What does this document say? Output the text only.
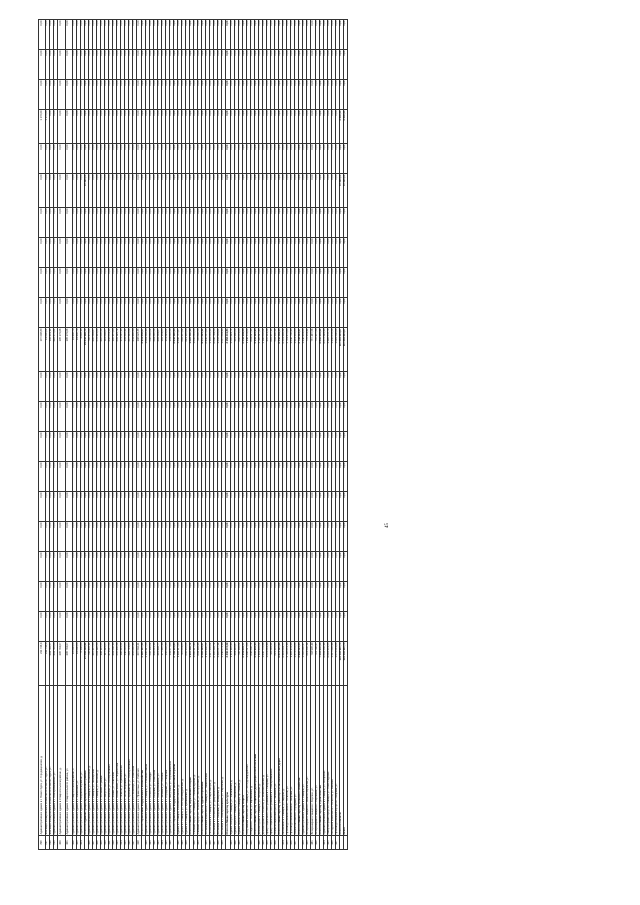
396	Административное здание в г. Новая Чурга, ул. Городищенская, д.	211 743,4	0,00	0,00	0,00	0,00	0,00	0,00	0,00	0,00	0,00	197 098,63	0,00	0,00	0,00	0,00	0,00	0,00	1 170,00	0,00	0,00	0,00
397	Жилищно-коммунальное хозяйство в Иловлях, Чурга, ул.	211 743,4	0,00	0,00	0,00	0,00	0,00	0,00	0,00	0,00	0,00	14 645,01	0,00	0,00	0,00	0,00	0,00	0,00	1 170,00	0,00	0,00	0,00
398	Жилищно-коммунальное хозяйство в Иловлях, Чурга, ул.	204 782,57	0,00	0,00	0,00	0,00	0,00	0,00	0,00	0,00	0,00	190 861,11	0,00	0,00	0,00	0,00	0,00	0,00	0,00	0,00	0,00	0,00
399	Административное здание в г. Новокуйбышевске, ул.	234 783,04	0,00	0,00	0,00	0,00	0,00	0,00	0,00	0,00	0,00	223 975,81	0,00	0,00	0,00	0,00	0,00	0,00	0,00	0,00	0,00	0,00
400	Административное здание в Ставропольском районе, д.	205 734,07	0,00	0,00	0,00	0,00	0,00	0,00	0,00	0,00	0,00	195 179,06	0,00	0,00	0,00	0,00	0,00	0,00	0,00	0,00	0,00	0,00
401	Административное здание Ставропольского района, ул.	205 734,07	0,00	0,00	0,00	0,00	0,00	0,00	0,00	0,00	0,00	195 179,06	0,00	0,00	0,00	0,00	0,00	0,00	0,00	0,00	0,00	0,00
402	Административное здание в Ставропольском районе, с.	13 098,00	0,00	0,00	0,00	0,00	0,00	0,00	0,00	0,00	0,00	12 433,70	0,00	0,00	0,00	0,00	0,00	0,00	0,00	0,00	0,00	0,00
403	Административное здание в с. Кабановка, ул.	12 098,00	0,00	0,00	0,00	0,00	0,00	0,00	0,00	0,00	0,00	12 433,70	0,00	0,00	0,00	0,00	0,00	0,00	0,00	0,00	0,00	0,00
404	Административное здание в Сызранском районе, ул.	5 108,80	0,00	0,00	0,00	0,00	0,00	0,00	0,00	0,00	0,00	4 893,10	0,00	0,00	0,00	0,00	0,00	0,00	0,00	0,00	0,00	0,00
	Итого по Администрации муниципального района	27 083 492,61	0,00	0,00	0,00	0,00	0,00	0,00	0,00	0,00	0,00	25 842 196,70	0,00	0,00	3,00	0,00	37 420,00	0,00	0,00	0,00	0,00	0,00
406	Административное здание в г. Самара, ул. Больничная, д.	796 865,11	0,00	0,00	0,00	0,00	0,00	0,00	0,00	0,00	0,00	760 473,09	0,00	0,00	0,00	0,00	0,00	0,00	0,00	0,00	0,00	0,00
407	Административное здание в г. Самара, ул. Пионерская	215 437,55	0,00	0,00	0,00	0,00	0,00	0,00	0,00	0,00	0,00	205 562,87	0,00	0,00	0,00	0,00	0,00	0,00	0,00	0,00	0,00	0,00
408	Административное здание в г. Самара, ул. Зеленая, д.	604 128,53	0,00	0,00	0,00	0,00	0,00	0,00	0,00	0,00	0,00	576 419,63	0,00	0,00	0,00	0,00	0,00	0,00	0,00	0,00	0,00	0,00
409	Административное здание в с. Большая Глушица	438 115,55	0,00	0,00	0,00	0,00	0,00	0,00	0,00	0,00	0,00	418 035,39	0,00	0,00	0,00	0,00	0,00	0,00	0,00	0,00	0,00	0,00
410	Административное здание в с. Хворостянка, ул.	117 429,05	0,00	0,00	0,00	0,00	0,00	0,00	0,00	0,00	0,00	112 042,07	0,00	0,00	0,00	0,00	0,00	0,00	0,00	0,00	0,00	0,00
411	Административное здание в с. Шигоны, ул. Кооперативная	271 087,59	0,00	0,00	0,00	0,00	0,00	0,00	0,00	0,00	0,00	258 654,99	0,00	0,00	0,00	0,00	0,00	0,00	0,00	0,00	0,00	0,00
412	Административное здание в с. Кошки, ул. Советская	204 538,10	0,00	0,00	0,00	0,00	0,00	0,00	0,00	0,00	0,00	195 157,03	0,00	0,00	0,00	0,00	0,00	0,00	0,00	0,00	0,00	0,00
413	Административное здание в г. Похвистнево, ул. Лермонтова	355 430,38	0,00	0,00	0,00	0,00	0,00	0,00	0,00	0,00	0,00	339 129,72	0,00	0,00	0,00	0,00	0,00	0,00	0,00	0,00	0,00	0,00
414	Административное здание в с. Исаклы, ул. Куйбышевская	188 219,31	0,00	0,00	0,00	0,00	0,00	0,00	0,00	0,00	0,00	179 587,10	0,00	0,00	0,00	0,00	0,00	0,00	0,00	0,00	0,00	0,00
415	Административное здание в с. Челно-Вершины, ул.	146 093,63	0,00	0,00	0,00	0,00	0,00	0,00	0,00	0,00	0,00	139 393,41	0,00	0,00	0,00	0,00	0,00	0,00	0,00	0,00	0,00	0,00
416	Административное здание в с. Красный Яр, ул. Кооперативная	322 714,03	0,00	0,00	0,00	0,00	0,00	0,00	0,00	0,00	0,00	307 913,68	0,00	0,00	0,00	0,00	0,00	0,00	0,00	0,00	0,00	0,00
417	Административное здание в п.г.т. Безенчук, ул. Советская	253 066,46	0,00	0,00	0,00	0,00	0,00	0,00	0,00	0,00	0,00	241 460,34	0,00	0,00	0,00	0,00	0,00	0,00	0,00	0,00	0,00	0,00
418	Административное здание в с. Приволжье, ул. Рабочая	207 542,21	0,00	0,00	0,00	0,00	0,00	0,00	0,00	0,00	0,00	198 023,35	0,00	0,00	0,00	0,00	0,00	0,00	0,00	0,00	0,00	0,00
	Итого по Управлению Федерального казначейства	4 120 167,50	0,00	0,00	0,00	0,00	0,00	0,00	0,00	0,00	0,00	3 931 852,07	0,00	0,00	0,00	0,00	0,00	0,00	0,00	0,00	0,00	0,00
420	Административное здание в г. Самара, ул. Степана Разина	1 136 427,50	0,00	0,00	0,00	0,00	0,00	0,00	0,00	0,00	0,00	1 084 382,44	0,00	0,00	0,00	0,00	0,00	0,00	0,00	0,00	0,00	0,00
421	Административное здание в г. Тольятти, ул. Победы	533 108,62	0,00	0,00	0,00	0,00	0,00	0,00	0,00	0,00	0,00	508 660,02	0,00	0,00	0,00	0,00	0,00	0,00	0,00	0,00	0,00	0,00
422	Административное здание в г. Сызрань, ул. Советская	402 861,18	0,00	0,00	0,00	0,00	0,00	0,00	0,00	0,00	0,00	384 385,56	0,00	0,00	0,00	0,00	0,00	0,00	0,00	0,00	0,00	0,00
423	Административное здание в г. Новокуйбышевск, ул.	219 442,77	0,00	0,00	0,00	0,00	0,00	0,00	0,00	0,00	0,00	209 384,87	0,00	0,00	0,00	0,00	0,00	0,00	0,00	0,00	0,00	0,00
424	Административное здание в г. Чапаевск, ул. Ленина	177 285,44	0,00	0,00	0,00	0,00	0,00	0,00	0,00	0,00	0,00	169 154,65	0,00	0,00	0,00	0,00	0,00	0,00	0,00	0,00	0,00	0,00
425	Административное здание в г. Отрадный, ул. Гагарина	158 603,30	0,00	0,00	0,00	0,00	0,00	0,00	0,00	0,00	0,00	151 329,61	0,00	0,00	0,00	0,00	0,00	0,00	0,00	0,00	0,00	0,00
426	Административное здание в г. Жигулевск, ул. Морквашинская	141 377,03	0,00	0,00	0,00	0,00	0,00	0,00	0,00	0,00	0,00	134 893,38	0,00	0,00	0,00	0,00	0,00	0,00	0,00	0,00	0,00	0,00
	Итого по Управлению Федеральной налоговой службы	2 769 105,84	0,00	0,00	0,00	0,00	0,00	0,00	0,00	0,00	0,00	2 642 190,53	0,00	0,00	0,00	0,00	0,00	0,00	0,00	0,00	0,00	0,00
428	Здание в г. Самара, Московское шоссе, д.	1 403 117,33	0,00	0,00	0,00	0,00	0,00	0,00	0,00	0,00	0,00	1 338 757,87	0,00	0,00	0,00	0,00	0,00	0,00	0,00	0,00	0,00	0,00
429	Здание в г. Самара, ул. Молодогвардейская, д.	715 034,85	0,00	0,00	0,00	0,00	0,00	0,00	0,00	0,00	0,00	682 237,02	0,00	0,00	0,00	0,00	0,00	0,00	0,00	0,00	0,00	0,00
430	Здание в г. Самара, ул. Куйбышева, д.	650 953,66	0,00	0,00	0,00	0,00	0,00	0,00	0,00	0,00	0,00	621 195,64	0,00	0,00	0,00	0,00	0,00	0,00	0,00	0,00	0,00	0,00
	Итого по Министерству образования и науки	1 914 366,72	0,00	0,00	0,00	0,00	0,00	0,00	0,00	0,00	0,00	1 826 560,16	0,00	0,00	0,00	0,00	0,00	0,00	0,00	0,00	0,00	0,00
432	Учебный корпус в г. Самара, ул. Ленинградская, д.	1 080 217,44	0,00	0,00	0,00	0,00	0,00	0,00	0,00	0,00	0,00	1 030 669,63	0,00	0,00	0,00	0,00	0,00	0,00	0,00	0,00	0,00	0,00
433	Учебный корпус в г. Тольятти, ул. Белорусская, д.	834 149,28	0,00	0,00	0,00	0,00	0,00	0,00	0,00	0,00	0,00	795 890,53	0,00	0,00	0,00	0,00	0,00	0,00	0,00	0,00	0,00	0,00
	Итого по Министерству здравоохранения	9 493 228,27	0,00	0,00	0,00	0,00	0,00	0,00	0,00	0,00	0,00	9 057 825,12	0,00	0,00	0,00	0,00	0,00	0,00	0,00	0,00	0,00	0,00
435	Больничный комплекс в г. Самара, ул. Ташкентская	3 611 206,51	0,00	0,00	0,00	0,00	0,00	0,00	0,00	0,00	0,00	3 445 567,09	0,00	0,00	0,00	0,00	0,00	0,00	0,00	0,00	0,00	0,00
436	Поликлиника в г. Самара, ул. Стара-Загора, д.	1 217 930,82	0,00	0,00	0,00	0,00	0,00	0,00	0,00	0,00	0,00	1 162 069,28	0,00	0,00	0,00	0,00	0,00	0,00	0,00	0,00	0,00	0,00
437	Больница в г. Тольятти, ул. Дзержинского, д.	2 105 349,72	0,00	0,00	0,00	0,00	0,00	0,00	0,00	0,00	0,00	2 008 784,50	0,00	0,00	0,00	0,00	0,00	0,00	0,00	0,00	0,00	0,00
438	Больница в г. Сызрань, ул. Комарова, д.	1 418 667,12	0,00	0,00	0,00	0,00	0,00	0,00	0,00	0,00	0,00	1 353 599,81	0,00	0,00	0,00	0,00	0,00	0,00	0,00	0,00	0,00	0,00
439	Больница в г. Новокуйбышевск, ул. Миронова, д.	1 140 074,10	0,00	0,00	0,00	0,00	0,00	0,00	0,00	0,00	0,00	1 087 804,44	0,00	0,00	0,00	0,00	0,00	0,00	0,00	0,00	0,00	0,00
	Итого по Министерству культуры	3 336 472,09	0,00	0,00	0,00	0,00	0,00	0,00	0,00	0,00	0,00	3 183 441,83	0,00	0,00	0,00	0,00	0,00	0,00	0,00	0,00	0,00	0,00
441	Здание театра в г. Самара, ул. Чапаевская, д.	1 672 118,40	0,00	0,00	0,00	0,00	0,00	0,00	0,00	0,00	0,00	1 595 424,71	0,00	0,00	0,00	0,00	0,00	0,00	0,00	0,00	0,00	0,00
442	Здание музея в г. Самара, ул. Ленинская, д.	964 210,87	0,00	0,00	0,00	0,00	0,00	0,00	0,00	0,00	0,00	919 986,09	0,00	0,00	0,00	0,00	0,00	0,00	0,00	0,00	0,00	0,00
443	Здание библиотеки в г. Самара, пр. Ленина, д.	700 142,82	0,00	0,00	0,00	0,00	0,00	0,00	0,00	0,00	0,00	668 031,03	0,00	0,00	0,00	0,00	0,00	0,00	0,00	0,00	0,00	0,00
	Итого по Министерству спорта	2 151 835,77	0,00	0,00	0,00	0,00	0,00	0,00	0,00	0,00	0,00	2 053 139,08	0,00	0,00	0,00	0,00	0,00	0,00	0,00	0,00	0,00	0,00
445	Спортивный комплекс в г. Самара, ул. Молодогвардейская	1 308 527,06	0,00	0,00	0,00	0,00	0,00	0,00	0,00	0,00	0,00	1 248 511,09	0,00	0,00	0,00	0,00	0,00	0,00	0,00	0,00	0,00	0,00
446	Стадион в г. Тольятти, ул. Карбышева, д.	843 308,71	0,00	0,00	0,00	0,00	0,00	0,00	0,00	0,00	0,00	804 627,99	0,00	0,00	0,00	0,00	0,00	0,00	0,00	0,00	0,00	0,00
	Итого по Министерству социально-демографической политики	5 402 934,13	0,00	0,00	0,00	0,00	0,00	0,00	0,00	0,00	0,00	5 155 128,95	0,00	0,00	0,00	0,00	0,00	0,00	0,00	0,00	0,00	0,00
448	Дом-интернат в г. Самара, ул. Нагорная, д.	1 811 409,62	0,00	0,00	0,00	0,00	0,00	0,00	0,00	0,00	0,00	1 728 327,45	0,00	0,00	0,00	0,00	0,00	0,00	0,00	0,00	0,00	0,00
449	Дом-интернат в г. Тольятти, ул. Комсомольская, д.	1 245 770,36	0,00	0,00	0,00	0,00	0,00	0,00	0,00	0,00	0,00	1 188 633,02	0,00	0,00	0,00	0,00	0,00	0,00	0,00	0,00	0,00	0,00
450	Центр социального обслуживания в г. Сызрань, ул.	1 001 864,44	0,00	0,00	0,00	0,00	0,00	0,00	0,00	0,00	0,00	955 914,38	0,00	0,00	0,00	0,00	0,00	0,00	0,00	0,00	0,00	0,00
451	Центр социального обслуживания в г. Новокуйбышевск	722 389,91	0,00	0,00	0,00	0,00	0,00	0,00	0,00	0,00	0,00	689 257,19	0,00	0,00	0,00	0,00	0,00	0,00	0,00	0,00	0,00	0,00
452	Реабилитационный центр в г. Чапаевск, ул.	621 499,80	0,00	0,00	0,00	0,00	0,00	0,00	0,00	0,00	0,00	592 996,91	0,00	0,00	0,00	0,00	0,00	0,00	0,00	0,00	0,00	0,00
	Итого по Министерству транспорта и автомобильных дорог	6 873 520,66	0,00	0,00	0,00	0,00	0,00	0,00	0,00	0,00	0,00	6 558 269,35	0,00	0,00	0,00	0,00	0,00	0,00	0,00	0,00	0,00	0,00
454	Автовокзал в г. Самара, ул. Авроры, д.	2 412 604,77	0,00	0,00	0,00	0,00	0,00	0,00	0,00	0,00	0,00	2 301 949,32	0,00	0,00	0,00	0,00	0,00	0,00	0,00	0,00	0,00	0,00
455	Производственная база в г. Тольятти, ул.	1 783 051,13	0,00	0,00	0,00	0,00	0,00	0,00	0,00	0,00	0,00	1 701 270,83	0,00	0,00	0,00	0,00	0,00	0,00	0,00	0,00	0,00	0,00
456	Производственная база в г. Сызрань, ул.	1 405 211,90	0,00	0,00	0,00	0,00	0,00	0,00	0,00	0,00	0,00	1 340 756,40	0,00	0,00	0,00	0,00	0,00	0,00	0,00	0,00	0,00	0,00
457	Ремонтная база в г. Отрадный, ул.	1 272 652,86	0,00	0,00	0,00	0,00	0,00	0,00	0,00	0,00	0,00	1 214 292,80	0,00	0,00	0,00	0,00	0,00	0,00	0,00	0,00	0,00	0,00
	Итого по Министерству сельского хозяйства	3 918 024,35	0,00	0,00	0,00	0,00	0,00	0,00	0,00	0,00	0,00	3 738 313,37	0,00	0,00	0,00	0,00	0,00	0,00	0,00	0,00	0,00	0,00
459	Административное здание в г. Самара, ул.	1 518 066,47	0,00	0,00	0,00	0,00	0,00	0,00	0,00	0,00	0,00	1 448 434,06	0,00	0,00	0,00	0,00	0,00	0,00	0,00	0,00	0,00	0,00
460	Ветеринарная станция в с. Кинель-Черкассы, ул.	814 306,12	0,00	0,00	0,00	0,00	0,00	0,00	0,00	0,00	0,00	776 954,41	0,00	0,00	0,00	0,00	0,00	0,00	0,00	0,00	0,00	0,00
461	Ветеринарная станция в с. Борское, ул.	793 905,49	0,00	0,00	0,00	0,00	0,00	0,00	0,00	0,00	0,00	757 487,56	0,00	0,00	0,00	0,00	0,00	0,00	0,00	0,00	0,00	0,00
462	Ветеринарная станция в с. Сергиевск, ул.	791 746,27	0,00	0,00	0,00	0,00	0,00	0,00	0,00	0,00	0,00	755 437,34	0,00	0,00	0,00	0,00	0,00	0,00	0,00	0,00	0,00	0,00
	Итого по Министерству строительства	7 213 640,08	0,00	0,00	0,00	0,00	0,00	0,00	0,00	0,00	0,00	6 882 685,61	0,00	0,00	0,00	0,00	0,00	0,00	0,00	0,00	0,00	0,00
464	Административное здание в г. Самара, ул. Скляренко	2 804 556,19	0,00	0,00	0,00	0,00	0,00	0,00	0,00	0,00	0,00	2 675 922,20	0,00	0,00	0,00	0,00	0,00	0,00	0,00	0,00	0,00	0,00
465	Лабораторный корпус в г. Самара, ул. Ново-Садовая	2 012 931,55	0,00	0,00	0,00	0,00	0,00	0,00	0,00	0,00	0,00	1 920 578,79	0,00	0,00	0,00	0,00	0,00	0,00	0,00	0,00	0,00	0,00
466	Складской комплекс в г. Тольятти, ул. Базовая	1 317 090,46	0,00	0,00	0,00	0,00	0,00	0,00	0,00	0,00	0,00	1 256 678,56	0,00	0,00	0,00	0,00	0,00	0,00	0,00	0,00	0,00	0,00
467	Производственный корпус в г. Сызрань, ул.	1 079 061,88	0,00	0,00	0,00	0,00	0,00	0,00	0,00	0,00	0,00	1 029 506,06	0,00	0,00	0,00	0,00	0,00	0,00	0,00	0,00	0,00	0,00
	Итого по области	123 548 910,74	0,00	0,00	0,00	0,00	0,00	0,00	0,00	0,00	0,00	117 884 615,87	0,00	0,00	3,00	0,00	37 420,00	0,00	2 340,00	0,00	0,00	0,00
	Всего	123 548 910,74	0,00	0,00	0,00	0,00	0,00	0,00	0,00	0,00	0,00	117 884 615,87	0,00	0,00	3,00	0,00	37 420,00	0,00	2 340,00	0,00	0,00	0,00
45
